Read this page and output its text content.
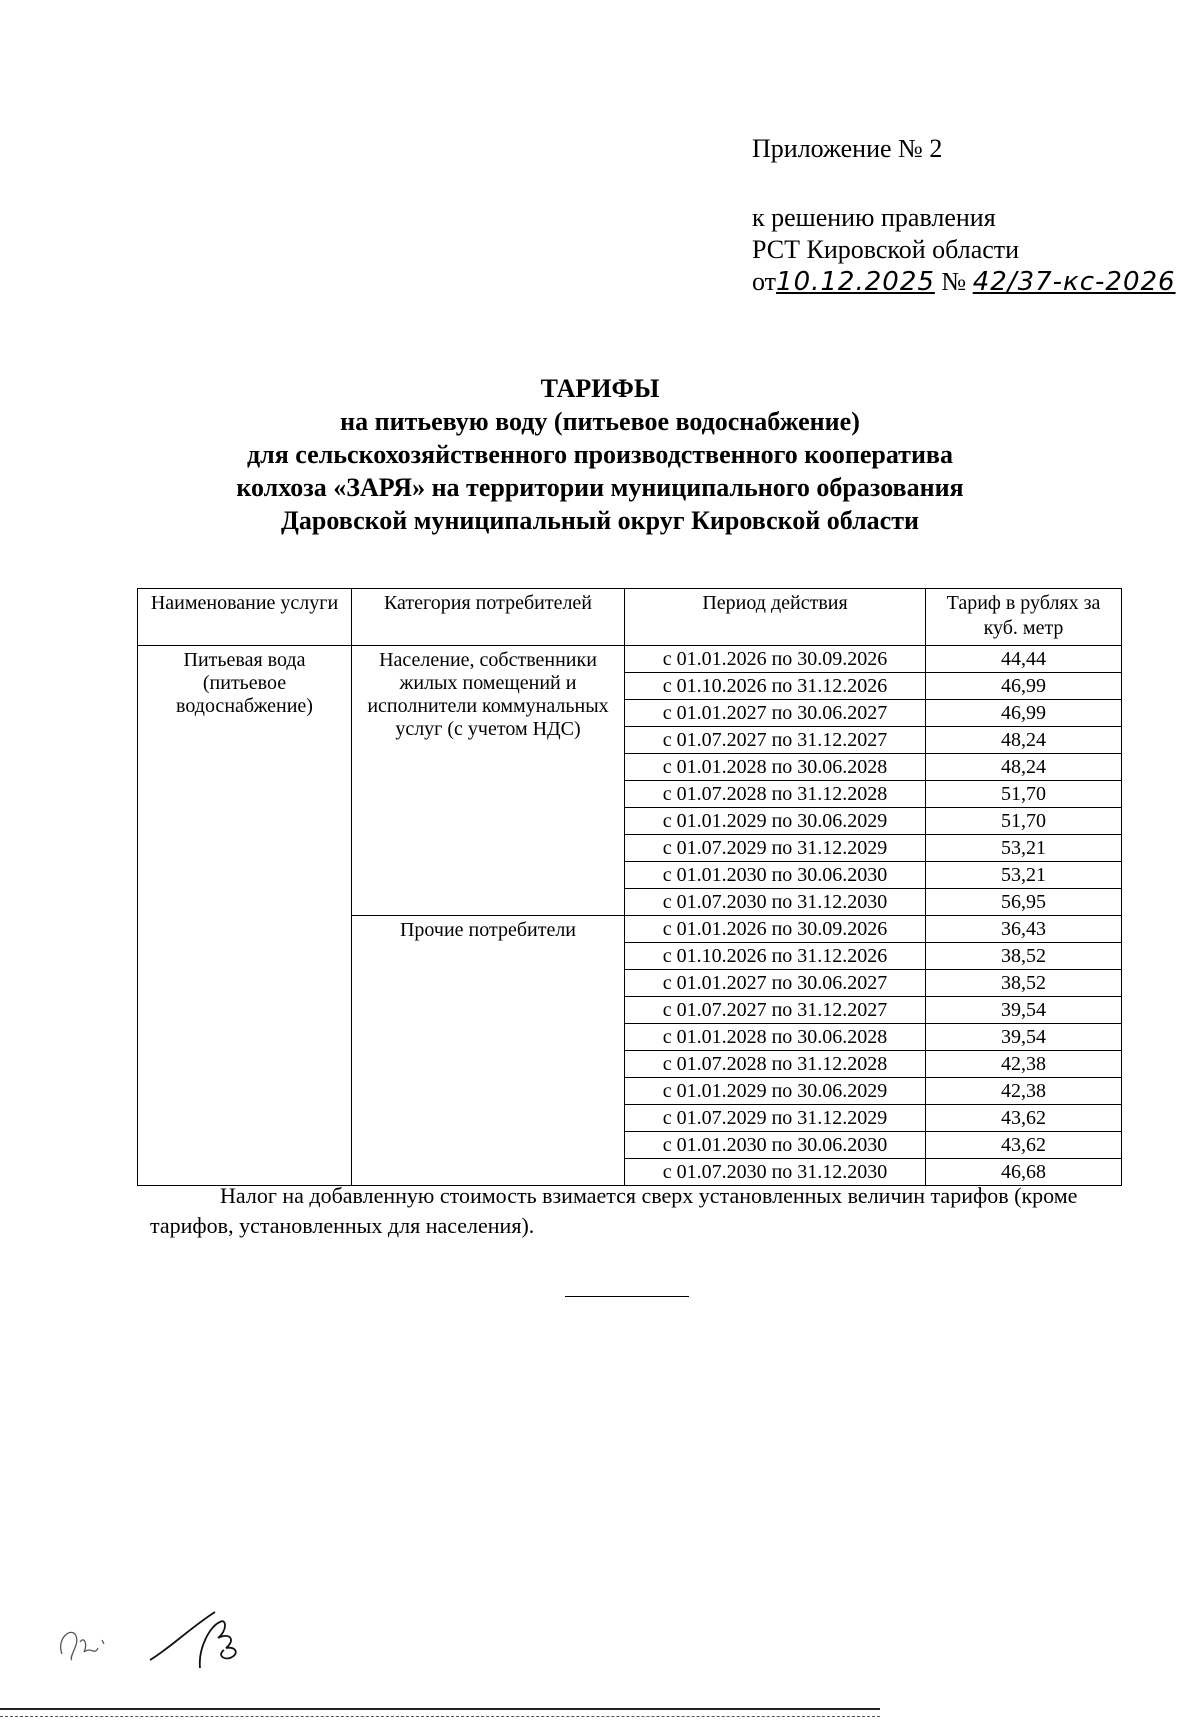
Приложение № 2
к решению правления
РСТ Кировской области
от10.12.2025 № 42/37-кс-2026
ТАРИФЫ
на питьевую воду (питьевое водоснабжение)
для сельскохозяйственного производственного кооператива
колхоза «ЗАРЯ» на территории муниципального образования
Даровской муниципальный округ Кировской области
Наименование услуги	Категория потребителей	Период действия	Тариф в рублях за куб. метр
Питьевая вода (питьевое водоснабжение)	Население, собственники жилых помещений и исполнители коммунальных услуг (с учетом НДС)	с 01.01.2026 по 30.09.2026	44,44
		с 01.10.2026 по 31.12.2026	46,99
		с 01.01.2027 по 30.06.2027	46,99
		с 01.07.2027 по 31.12.2027	48,24
		с 01.01.2028 по 30.06.2028	48,24
		с 01.07.2028 по 31.12.2028	51,70
		с 01.01.2029 по 30.06.2029	51,70
		с 01.07.2029 по 31.12.2029	53,21
		с 01.01.2030 по 30.06.2030	53,21
		с 01.07.2030 по 31.12.2030	56,95
	Прочие потребители	с 01.01.2026 по 30.09.2026	36,43
		с 01.10.2026 по 31.12.2026	38,52
		с 01.01.2027 по 30.06.2027	38,52
		с 01.07.2027 по 31.12.2027	39,54
		с 01.01.2028 по 30.06.2028	39,54
		с 01.07.2028 по 31.12.2028	42,38
		с 01.01.2029 по 30.06.2029	42,38
		с 01.07.2029 по 31.12.2029	43,62
		с 01.01.2030 по 30.06.2030	43,62
		с 01.07.2030 по 31.12.2030	46,68
Налог на добавленную стоимость взимается сверх установленных величин тарифов (кроме тарифов, установленных для населения).
